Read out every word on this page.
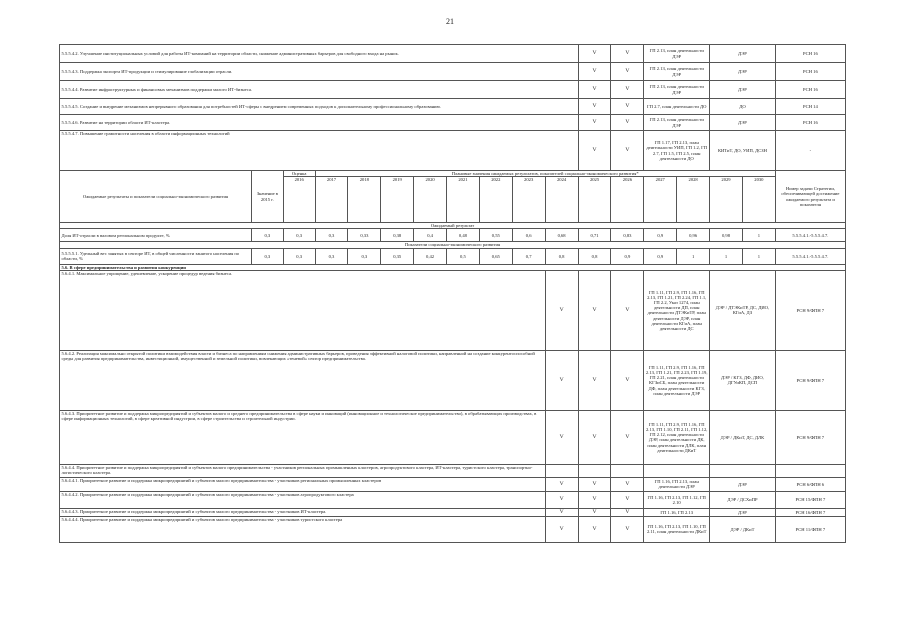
21
5.5.5.4.2. Улучшение институциональных условий для работы ИТ-компаний на территории области, снижение административных барьеров для свободного входа на рынок.											V	V	ГП 2.13, план деятельности ДЭР		ДЭР		РСН 16
5.5.5.4.3. Поддержка экспорта ИТ-продукции и стимулирование глобализации отрасли.											V	V	ГП 2.13, план деятельности ДЭР		ДЭР		РСН 16
5.5.5.4.4. Развитие инфраструктурных и финансовых механизмов поддержки малого ИТ-бизнеса.											V	V	ГП 2.13, план деятельности ДЭР		ДЭР		РСН 16
5.5.5.4.5. Создание и внедрение механизмов непрерывного образования для потребностей ИТ-сферы с внедрением современных подходов к дополнительному профессиональному образованию.											V	V	ГП 2.7, план деятельности ДО		ДО		РСН 14
5.5.5.4.6. Развитие на территории области ИТ-кластера.											V	V	ГП 2.13, план деятельности ДЭР		ДЭР		РСН 16
5.5.5.4.7. Повышение грамотности населения в области информационных технологий											V	V	ГП 1.17, ГП 2.13, план деятельности УИП, ГП 1.2, ГП 2.7, ГП 1.5, ГП 2.5, план деятельности ДО		КИТиТ, ДО, УИП, ДСЗН		-
Ожидаемые результаты и показатели социально-экономического развития	Значение в 2015 г.	Оценка	Плановые значения ожидаемых результатов, показателей социально-экономического развития*														Номер задачи Стратегии, обеспечивающей достижение ожидаемого результата и показателя
		2016	2017	2018	2019	2020	2021	2022	2023	2024	2025	2026	2027	2028	2029	2030	
Ожидаемый результат																	
Доля ИТ-отрасли в валовом региональном продукте, %	0,3	0,3	0,3	0,33	0,38	0,4	0,48	0,55	0,6	0,68	0,71	0,83	0,9	0,96	0,98	1	5.5.5.4.1.-5.5.5.4.7.
Показатели социально-экономического развития																	
5.5.5.5.1. Удельный вес занятых в секторе ИТ, в общей численности занятого населения по области, %	0,3	0,3	0,3	0,3	0,35	0,42	0,5	0,65	0,7	0,8	0,8	0,9	0,9	1	1	1	5.5.5.4.1.-5.5.5.4.7.
5.6. В сфере предпринимательства и развития конкуренции																	
5.6.4.1. Максимальное упрощение, удешевление, ускорение процедур ведения бизнеса.										V	V	V	ГП 1.11, ГП 2.9, ГП 1.16, ГП 2.13, ГП 1.21, ГП 2.24, ГП 1.1, ГП 2.2, Указ 1274, план деятельности ДП, план деятельности ДТЭКиТР, план деятельности ДЭР, план деятельности КГиА, план деятельности ДС		ДЭР / ДТЭКиТР, ДС, ДИО, КГиА, ДЗ		РСН 9/ФПН 7
5.6.4.2. Реализация максимально открытой политики взаимодействия власти и бизнеса по направлениям снижения административных барьеров, проведения эффективной налоговой политики, направленной на создание конкурентоспособной среды для развития предпринимательства, инвестиционной, имущественной и земельной политики, вовлекающих «теневой» сектор предпринимательства.										V	V	V	ГП 1.11, ГП 2.9, ГП 1.16, ГП 2.13, ГП 1.21, ГП 2.23, ГП 1.19, ГП 2.21, план деятельности КГЗиСБ, план деятельности ДФ, план деятельности КГЗ, план деятельности ДЭР		ДЭР / КГЗ, ДФ, ДИО, ДГУиКП, ДСП		РСН 9/ФПН 7
5.6.4.3. Приоритетное развитие и поддержка микропредприятий и субъектов малого и среднего предпринимательства в сфере науки и инноваций (инновационное и технологическое предпринимательство), в обрабатывающих производствах, в сфере информационных технологий, в сфере креативной индустрии, в сфере строительства и строительной индустрии.										V	V	V	ГП 1.11, ГП 2.9, ГП 1.16, ГП 2.13, ГП 1.10, ГП 2.11, ГП 1.12, ГП 2.12, план деятельности ДЭР, план деятельности ДК, план деятельности ДЛК, план деятельности ДКиТ		ДЭР / ДКиТ, ДС, ДЛК		РСН 9/ФПН 7
5.6.4.4. Приоритетное развитие и поддержка микропредприятий и субъектов малого предпринимательства - участников региональных промышленных кластеров, агропродуктового кластера, ИТ-кластера, туристского кластера, транспортно-логистического кластера.																	
5.6.4.4.1. Приоритетное развитие и поддержка микропредприятий и субъектов малого предпринимательства - участников региональных промышленных кластеров										V	V	V	ГП 1.16, ГП 2.13, план деятельности ДЭР		ДЭР		РСН 6/ФПН 6
5.6.4.4.2. Приоритетное развитие и поддержка микропредприятий и субъектов малого предпринимательства - участников агропродуктового кластера										V	V	V	ГП 1.16, ГП 2.13, ГП 1.12, ГП 2.10		ДЭР / ДСХиПР		РСН 15/ФПН 7
5.6.4.4.3. Приоритетное развитие и поддержка микропредприятий и субъектов малого предпринимательства - участников ИТ-кластера.										V	V	V	ГП 1.16, ГП 2.13		ДЭР		РСН 16/ФПН 7
5.6.4.4.4. Приоритетное развитие и поддержка микропредприятий и субъектов малого предпринимательства - участников туристского кластера										V	V	V	ГП 1.16, ГП 2.13, ГП 1.10, ГП 2.11, план деятельности ДКиТ		ДЭР / ДКиТ		РСН 11/ФПН 7
